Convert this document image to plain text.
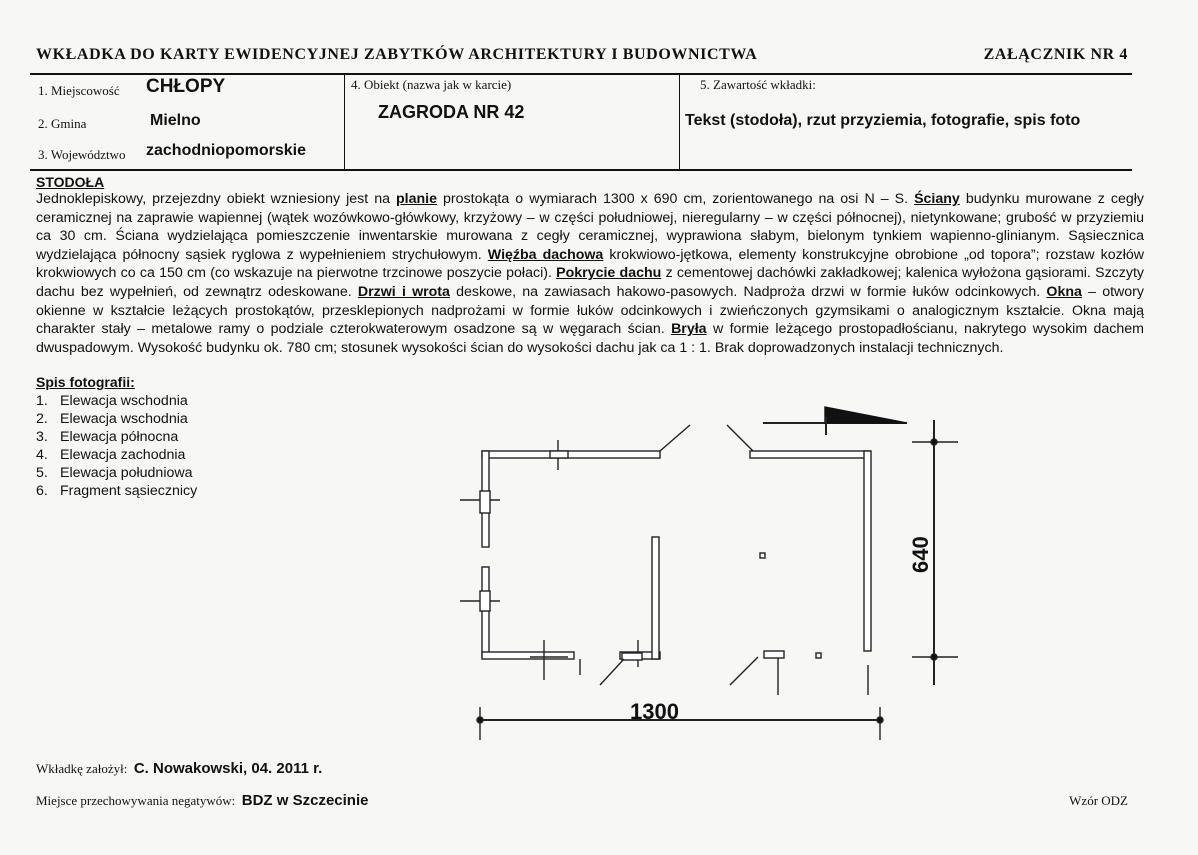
WKŁADKA DO KARTY EWIDENCYJNEJ ZABYTKÓW ARCHITEKTURY I BUDOWNICTWA	ZAŁĄCZNIK NR 4
1. Miejscowość CHŁOPY
2. Gmina	Mielno
3. Województwo zachodniopomorskie
4. Obiekt (nazwa jak w karcie)
ZAGRODA NR 42
5. Zawartość wkładki:
Tekst (stodoła), rzut przyziemia, fotografie, spis foto
STODOŁA
Jednoklepiskowy, przejezdny obiekt wzniesiony jest na planie prostokąta o wymiarach 1300 x 690 cm, zorientowanego na osi N – S. Ściany budynku murowane z cegły ceramicznej na zaprawie wapiennej (wątek wozówkowo-główkowy, krzyżowy – w części południowej, nieregularny – w części północnej), nietynkowane; grubość w przyziemiu ca 30 cm. Ściana wydzielająca pomieszczenie inwentarskie murowana z cegły ceramicznej, wyprawiona słabym, bielonym tynkiem wapienno-glinianym. Sąsiecznica wydzielająca północny sąsiek ryglowa z wypełnieniem strychułowym. Więźba dachowa krokwiowo-jętkowa, elementy konstrukcyjne obrobione „od topora”; rozstaw kozłów krokwiowych co ca 150 cm (co wskazuje na pierwotne trzcinowe poszycie połaci). Pokrycie dachu z cementowej dachówki zakładkowej; kalenica wyłożona gąsiorami. Szczyty dachu bez wypełnień, od zewnątrz odeskowane. Drzwi i wrota deskowe, na zawiasach hakowo-pasowych. Nadproża drzwi w formie łuków odcinkowych. Okna – otwory okienne w kształcie leżących prostokątów, przesklepionych nadprożami w formie łuków odcinkowych i zwieńczonych gzymsikami o analogicznym kształcie. Okna mają charakter stały – metalowe ramy o podziale czterokwaterowym osadzone są w węgarach ścian. Bryła w formie leżącego prostopadłościanu, nakrytego wysokim dachem dwuspadowym. Wysokość budynku ok. 780 cm; stosunek wysokości ścian do wysokości dachu jak ca 1 : 1. Brak doprowadzonych instalacji technicznych.
Spis fotografii:
1. Elewacja wschodnia
2. Elewacja wschodnia
3. Elewacja północna
4. Elewacja zachodnia
5. Elewacja południowa
6. Fragment sąsiecznicy
1300
640
Wkładkę założył: C. Nowakowski, 04. 2011 r.
Miejsce przechowywania negatywów: BDZ w Szczecinie	Wzór ODZ
